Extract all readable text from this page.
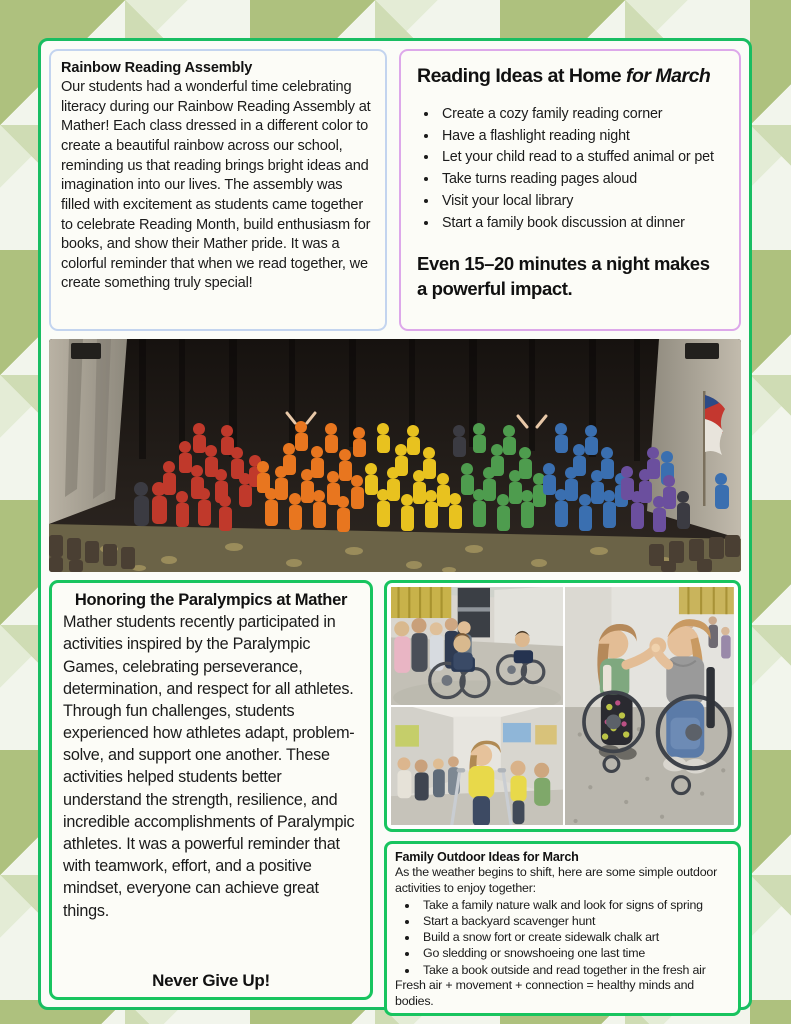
Rainbow Reading Assembly

Our students had a wonderful time celebrating literacy during our Rainbow Reading Assembly at Mather! Each class dressed in a different color to create a beautiful rainbow across our school, reminding us that reading brings bright ideas and imagination into our lives. The assembly was filled with excitement as students came together to celebrate Reading Month, build enthusiasm for books, and show their Mather pride. It was a colorful reminder that when we read together, we create something truly special!

Reading Ideas at Home for March
• Create a cozy family reading corner
• Have a flashlight reading night
• Let your child read to a stuffed animal or pet
• Take turns reading pages aloud
• Visit your local library
• Start a family book discussion at dinner
Even 15–20 minutes a night makes a powerful impact.
Honoring the Paralympics at Mather

Mather students recently participated in activities inspired by the Paralympic Games, celebrating perseverance, determination, and respect for all athletes. Through fun challenges, students experienced how athletes adapt, problem-solve, and support one another. These activities helped students better understand the strength, resilience, and incredible accomplishments of Paralympic athletes. It was a powerful reminder that with teamwork, effort, and a positive mindset, everyone can achieve great things.

Never Give Up!
Family Outdoor Ideas for March

As the weather begins to shift, here are some simple outdoor activities to enjoy together:

• Take a family nature walk and look for signs of spring
• Start a backyard scavenger hunt
• Build a snow fort or create sidewalk chalk art
• Go sledding or snowshoeing one last time
• Take a book outside and read together in the fresh air

Fresh air + movement + connection = healthy minds and bodies.
